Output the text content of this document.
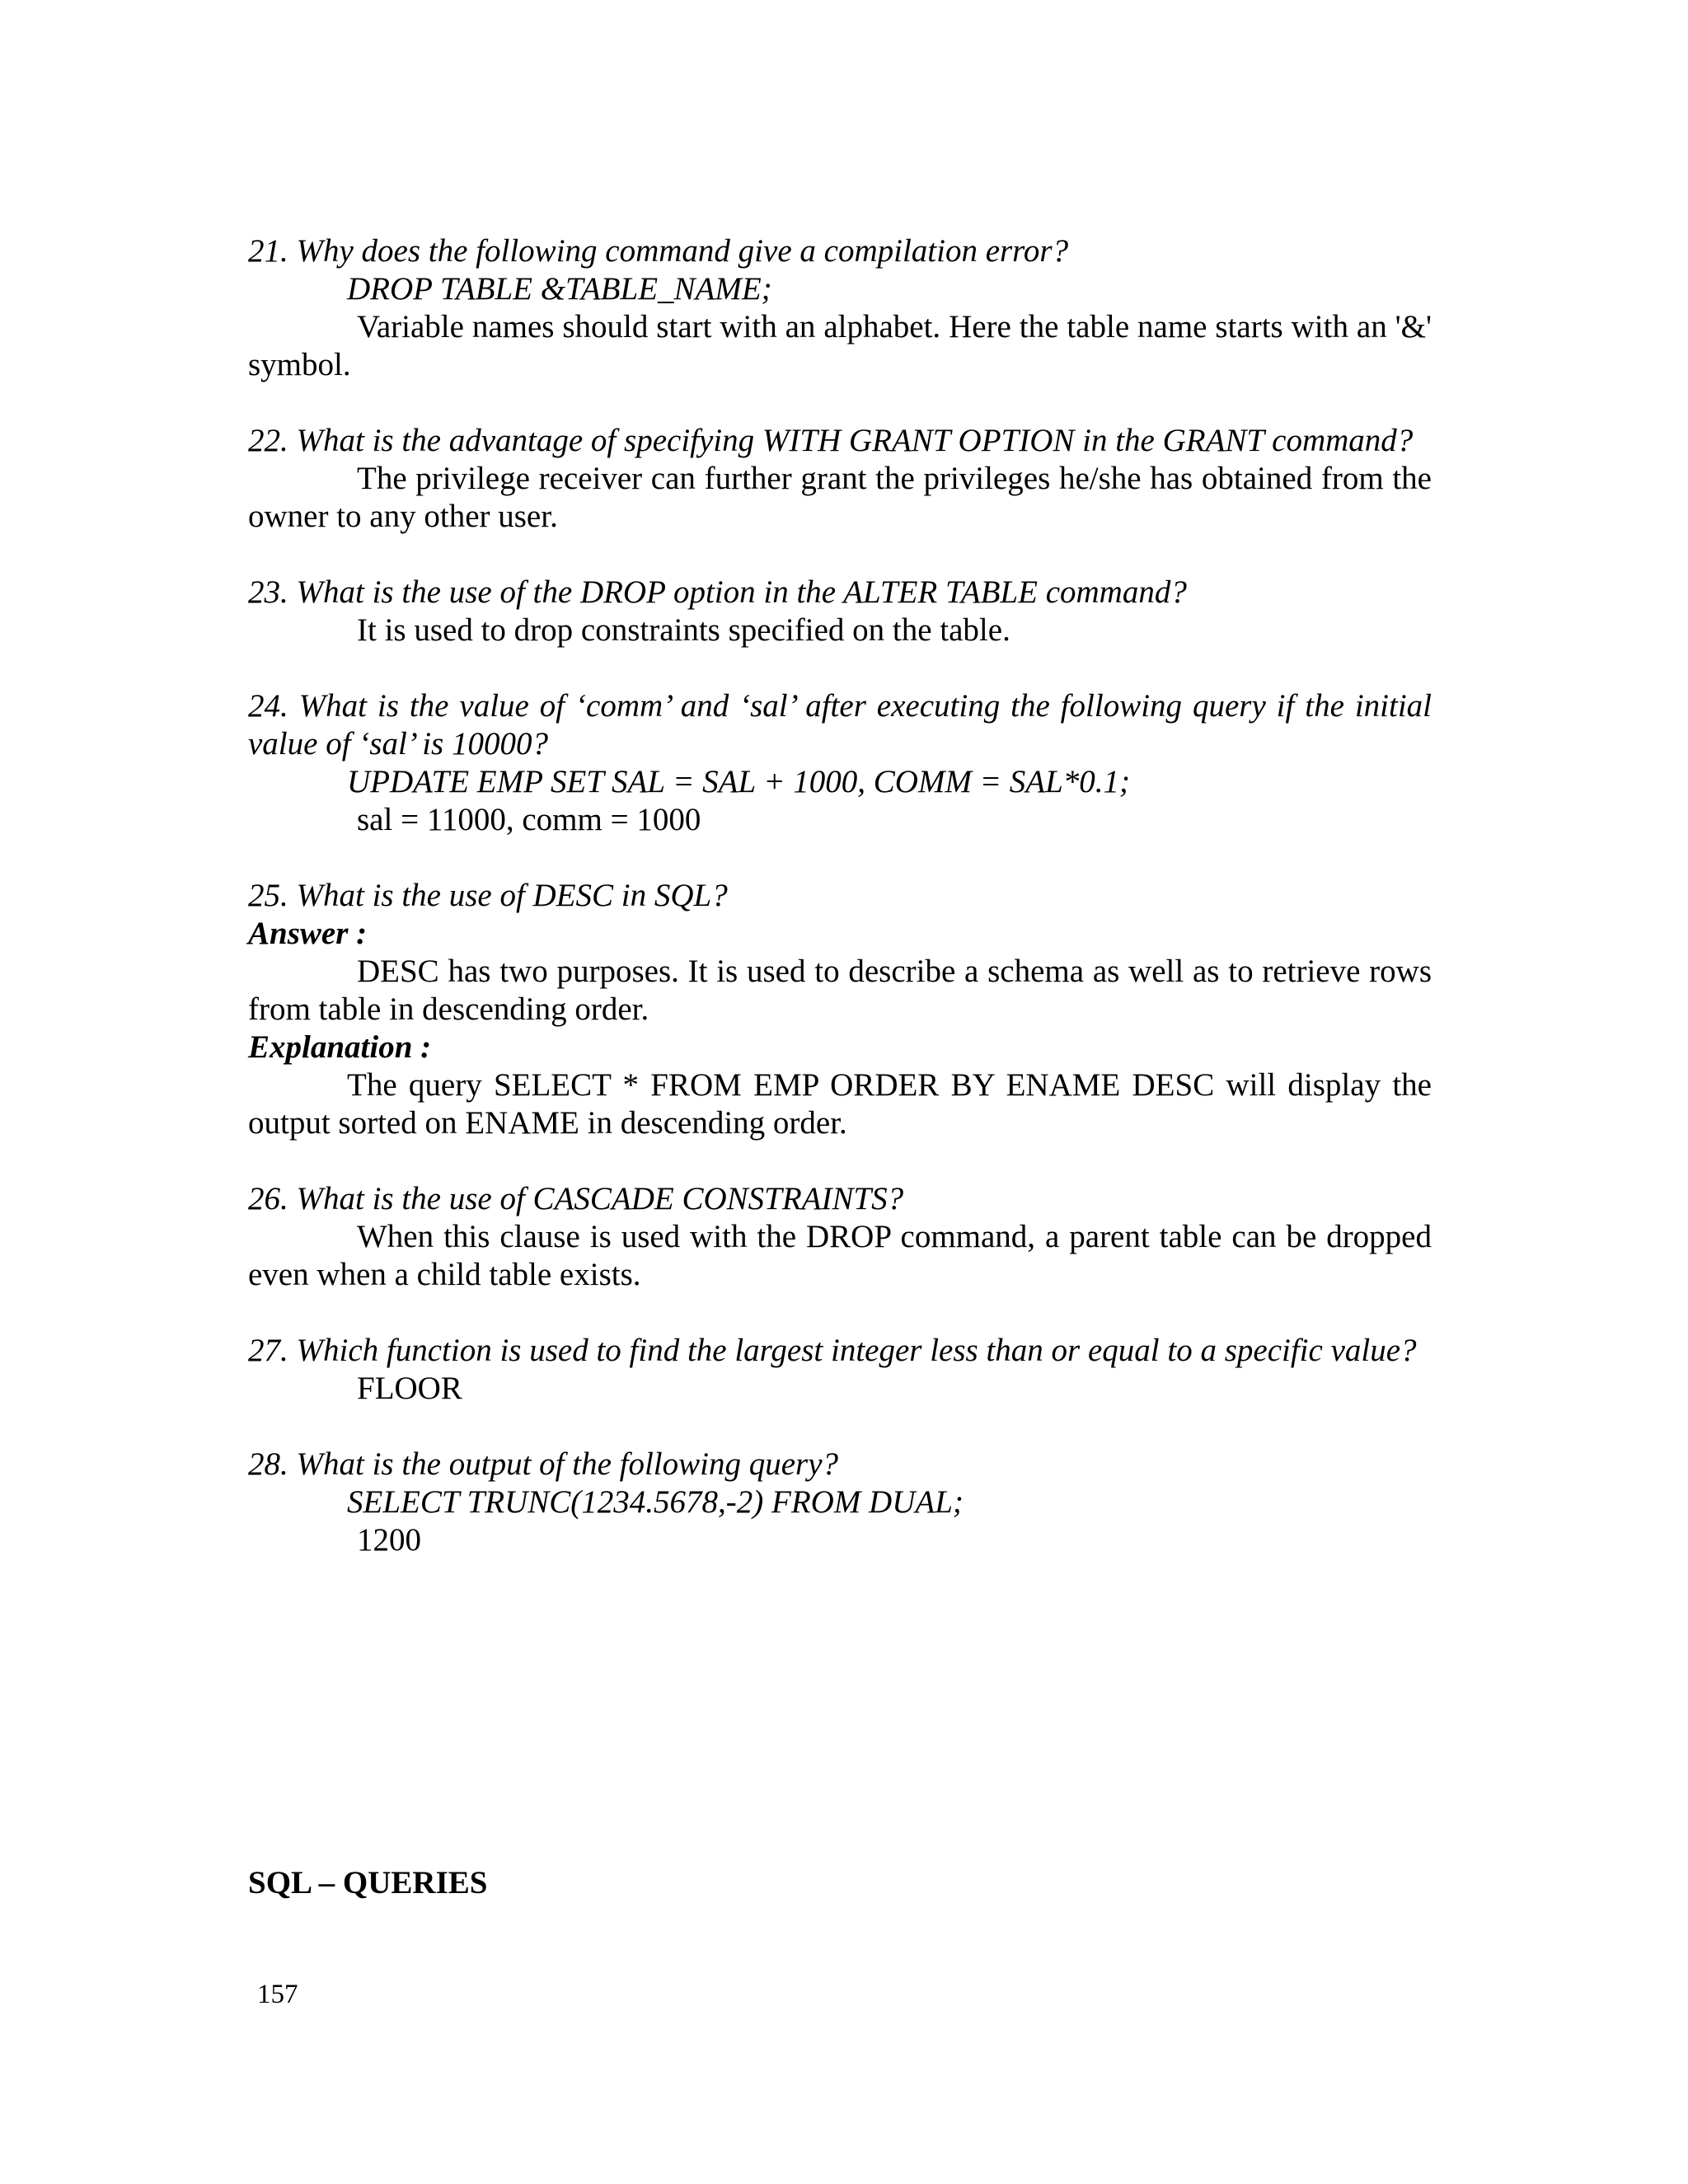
21. Why does the following command give a compilation error?

DROP TABLE &TABLE_NAME;

Variable names should start with an alphabet. Here the table name starts with an '&' symbol.

22. What is the advantage of specifying WITH GRANT OPTION in the GRANT command?

The privilege receiver can further grant the privileges he/she has obtained from the owner to any other user.

23. What is the use of the DROP option in the ALTER TABLE command?

It is used to drop constraints specified on the table.

24. What is the value of ‘comm’ and ‘sal’ after executing the following query if the initial value of ‘sal’ is 10000?

UPDATE EMP SET SAL = SAL + 1000, COMM = SAL*0.1;

sal = 11000, comm = 1000

25. What is the use of DESC in SQL?

Answer :

DESC has two purposes. It is used to describe a schema as well as to retrieve rows from table in descending order.

Explanation :

The query SELECT * FROM EMP ORDER BY ENAME DESC will display the output sorted on ENAME in descending order.

26. What is the use of CASCADE CONSTRAINTS?

When this clause is used with the DROP command, a parent table can be dropped even when a child table exists.

27. Which function is used to find the largest integer less than or equal to a specific value?

FLOOR

28. What is the output of the following query?

SELECT TRUNC(1234.5678,-2) FROM DUAL;

1200

SQL – QUERIES

157
